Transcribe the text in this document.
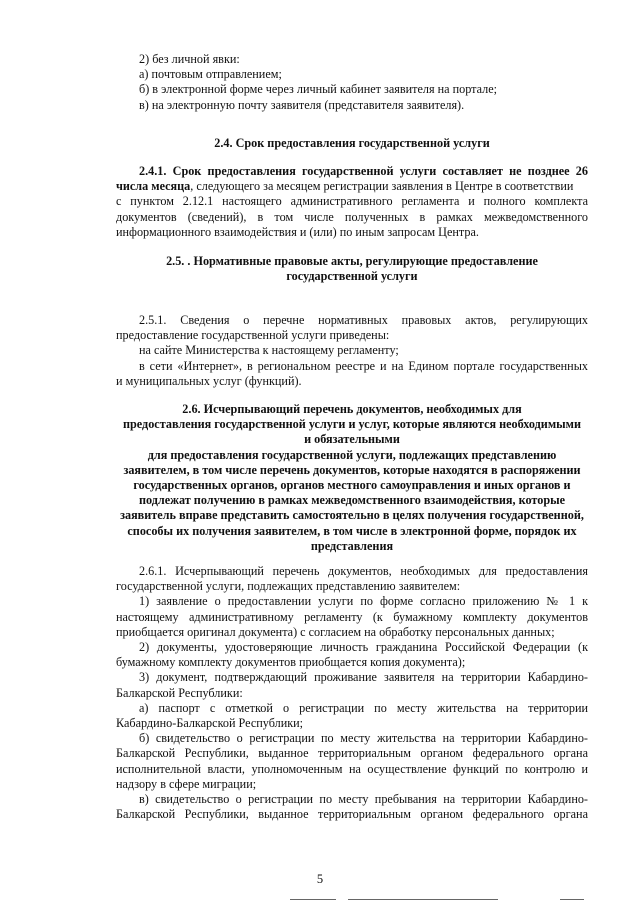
2) без личной явки:
а) почтовым отправлением;
б) в электронной форме через личный кабинет заявителя на портале;
в) на электронную почту заявителя (представителя заявителя).
2.4. Срок предоставления государственной услуги
2.4.1. Срок предоставления государственной услуги составляет не позднее 26
числа месяца, следующего за месяцем регистрации заявления в Центре в соответствии
с пунктом 2.12.1 настоящего административного регламента и полного комплекта
документов (сведений), в том числе полученных в рамках межведомственного
информационного взаимодействия и (или) по иным запросам Центра.
2.5. . Нормативные правовые акты, регулирующие предоставление
государственной услуги
2.5.1. Сведения о перечне нормативных правовых актов, регулирующих
предоставление государственной услуги приведены:
на сайте Министерства к настоящему регламенту;
в сети «Интернет», в региональном реестре и на Едином портале государственных
и муниципальных услуг (функций).
2.6. Исчерпывающий перечень документов, необходимых для
предоставления государственной услуги и услуг, которые являются необходимыми
и обязательными
для предоставления государственной услуги, подлежащих представлению
заявителем, в том числе перечень документов, которые находятся в распоряжении
государственных органов, органов местного самоуправления и иных органов и
подлежат получению в рамках межведомственного взаимодействия, которые
заявитель вправе представить самостоятельно в целях получения государственной,
способы их получения заявителем, в том числе в электронной форме, порядок их
представления
2.6.1. Исчерпывающий перечень документов, необходимых для предоставления
государственной услуги, подлежащих представлению заявителем:
1) заявление о предоставлении услуги по форме согласно приложению № 1 к
настоящему административному регламенту (к бумажному комплекту документов
приобщается оригинал документа) с согласием на обработку персональных данных;
2) документы, удостоверяющие личность гражданина Российской Федерации (к
бумажному комплекту документов приобщается копия документа);
3) документ, подтверждающий проживание заявителя на территории Кабардино-
Балкарской Республики:
а) паспорт с отметкой о регистрации по месту жительства на территории
Кабардино-Балкарской Республики;
б) свидетельство о регистрации по месту жительства на территории Кабардино-
Балкарской Республики, выданное территориальным органом федерального органа
исполнительной власти, уполномоченным на осуществление функций по контролю и
надзору в сфере миграции;
в) свидетельство о регистрации по месту пребывания на территории Кабардино-
Балкарской Республики, выданное территориальным органом федерального органа
5
